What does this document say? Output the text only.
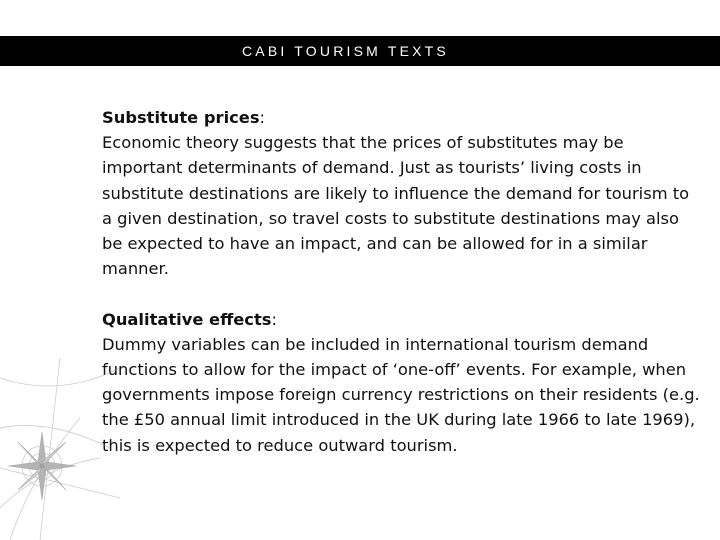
CABI TOURISM TEXTS

Substitute prices:
Economic theory suggests that the prices of substitutes may be important determinants of demand. Just as tourists’ living costs in substitute destinations are likely to influence the demand for tourism to a given destination, so travel costs to substitute destinations may also be expected to have an impact, and can be allowed for in a similar manner.

Qualitative effects:
Dummy variables can be included in international tourism demand functions to allow for the impact of ‘one-off’ events. For example, when governments impose foreign currency restrictions on their residents (e.g. the £50 annual limit introduced in the UK during late 1966 to late 1969), this is expected to reduce outward tourism.
